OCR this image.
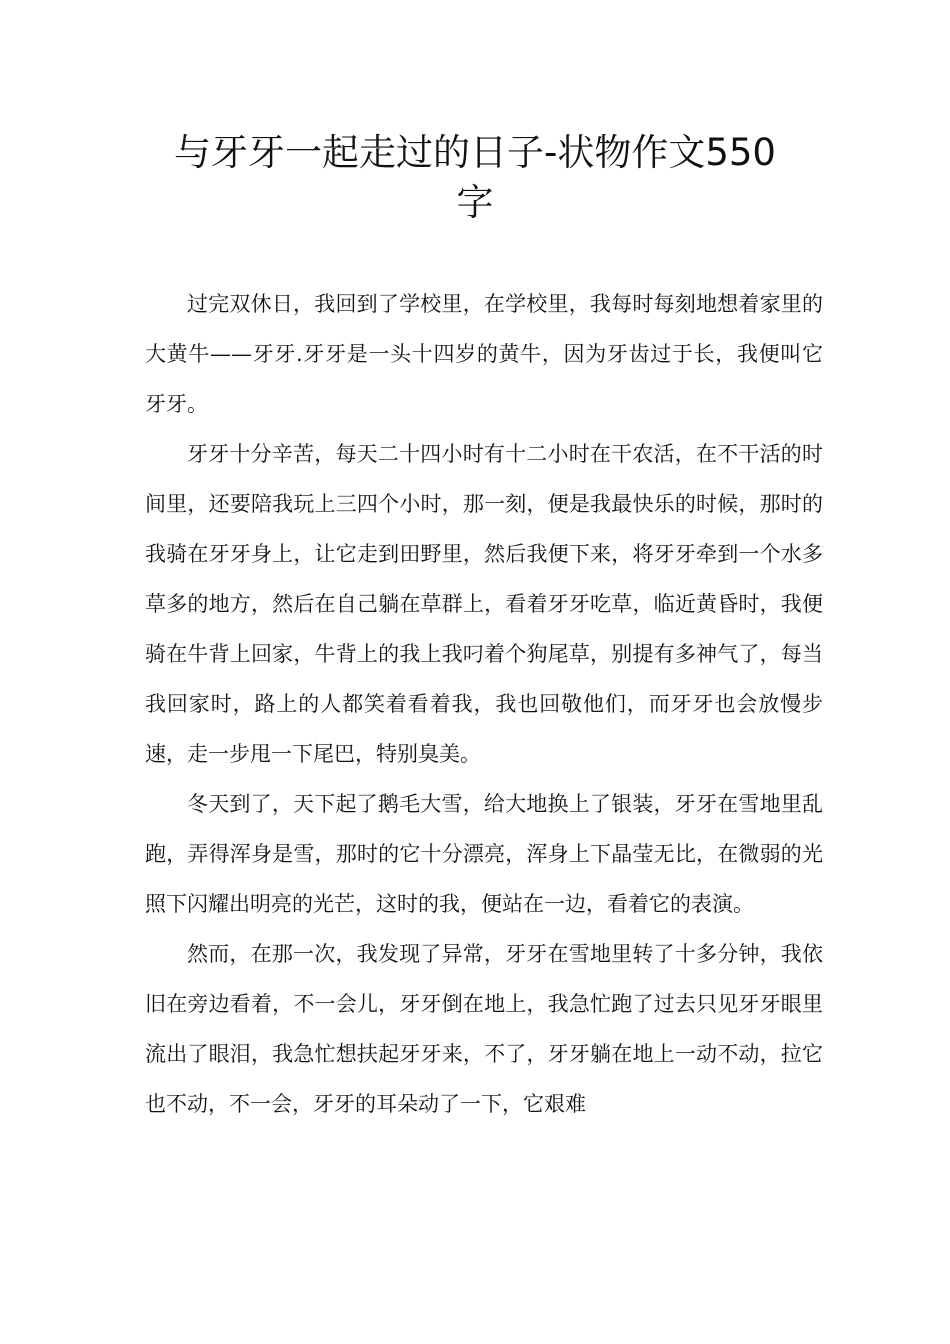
与牙牙一起走过的日子-状物作文550
字

过完双休日，我回到了学校里，在学校里，我每时每刻地想着家里的大黄牛——牙牙.牙牙是一头十四岁的黄牛，因为牙齿过于长，我便叫它牙牙。

牙牙十分辛苦，每天二十四小时有十二小时在干农活，在不干活的时间里，还要陪我玩上三四个小时，那一刻，便是我最快乐的时候，那时的我骑在牙牙身上，让它走到田野里，然后我便下来，将牙牙牵到一个水多草多的地方，然后在自己躺在草群上，看着牙牙吃草，临近黄昏时，我便骑在牛背上回家，牛背上的我上我叼着个狗尾草，别提有多神气了，每当我回家时，路上的人都笑着看着我，我也回敬他们，而牙牙也会放慢步速，走一步甩一下尾巴，特别臭美。

冬天到了，天下起了鹅毛大雪，给大地换上了银装，牙牙在雪地里乱跑，弄得浑身是雪，那时的它十分漂亮，浑身上下晶莹无比，在微弱的光照下闪耀出明亮的光芒，这时的我，便站在一边，看着它的表演。

然而，在那一次，我发现了异常，牙牙在雪地里转了十多分钟，我依旧在旁边看着，不一会儿，牙牙倒在地上，我急忙跑了过去只见牙牙眼里流出了眼泪，我急忙想扶起牙牙来，不了，牙牙躺在地上一动不动，拉它也不动，不一会，牙牙的耳朵动了一下，它艰难
